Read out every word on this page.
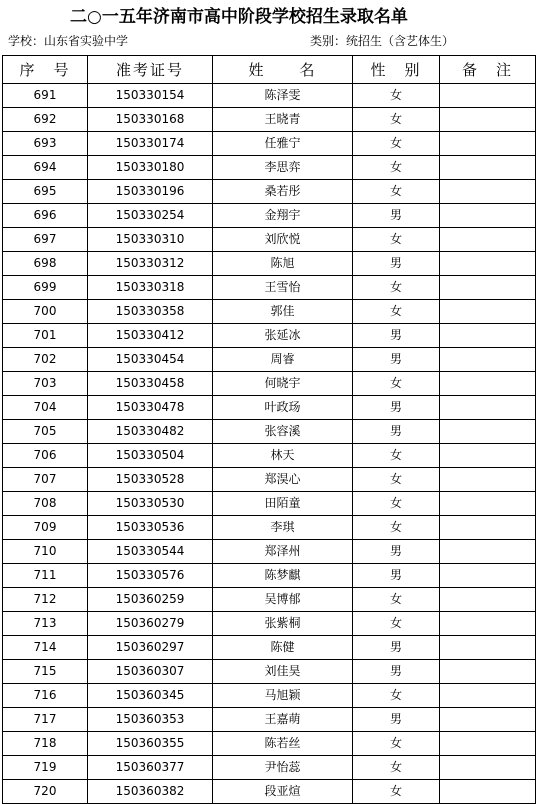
二○一五年济南市高中阶段学校招生录取名单
学校：山东省实验中学	类别：统招生（含艺体生）
序　号	准考证号	姓　　名	性　别	备　注
691	150330154	陈泽雯	女	
692	150330168	王晓青	女	
693	150330174	任雅宁	女	
694	150330180	李思弈	女	
695	150330196	桑若彤	女	
696	150330254	金翔宇	男	
697	150330310	刘欣悦	女	
698	150330312	陈旭	男	
699	150330318	王雪怡	女	
700	150330358	郭佳	女	
701	150330412	张延冰	男	
702	150330454	周睿	男	
703	150330458	何晓宇	女	
704	150330478	叶政玚	男	
705	150330482	张容溪	男	
706	150330504	林天	女	
707	150330528	郑淏心	女	
708	150330530	田陌童	女	
709	150330536	李琪	女	
710	150330544	郑泽州	男	
711	150330576	陈梦麒	男	
712	150360259	吴博郁	女	
713	150360279	张紫桐	女	
714	150360297	陈健	男	
715	150360307	刘佳昊	男	
716	150360345	马旭颖	女	
717	150360353	王嘉萌	男	
718	150360355	陈若丝	女	
719	150360377	尹怡蕊	女	
720	150360382	段亚煊	女	
